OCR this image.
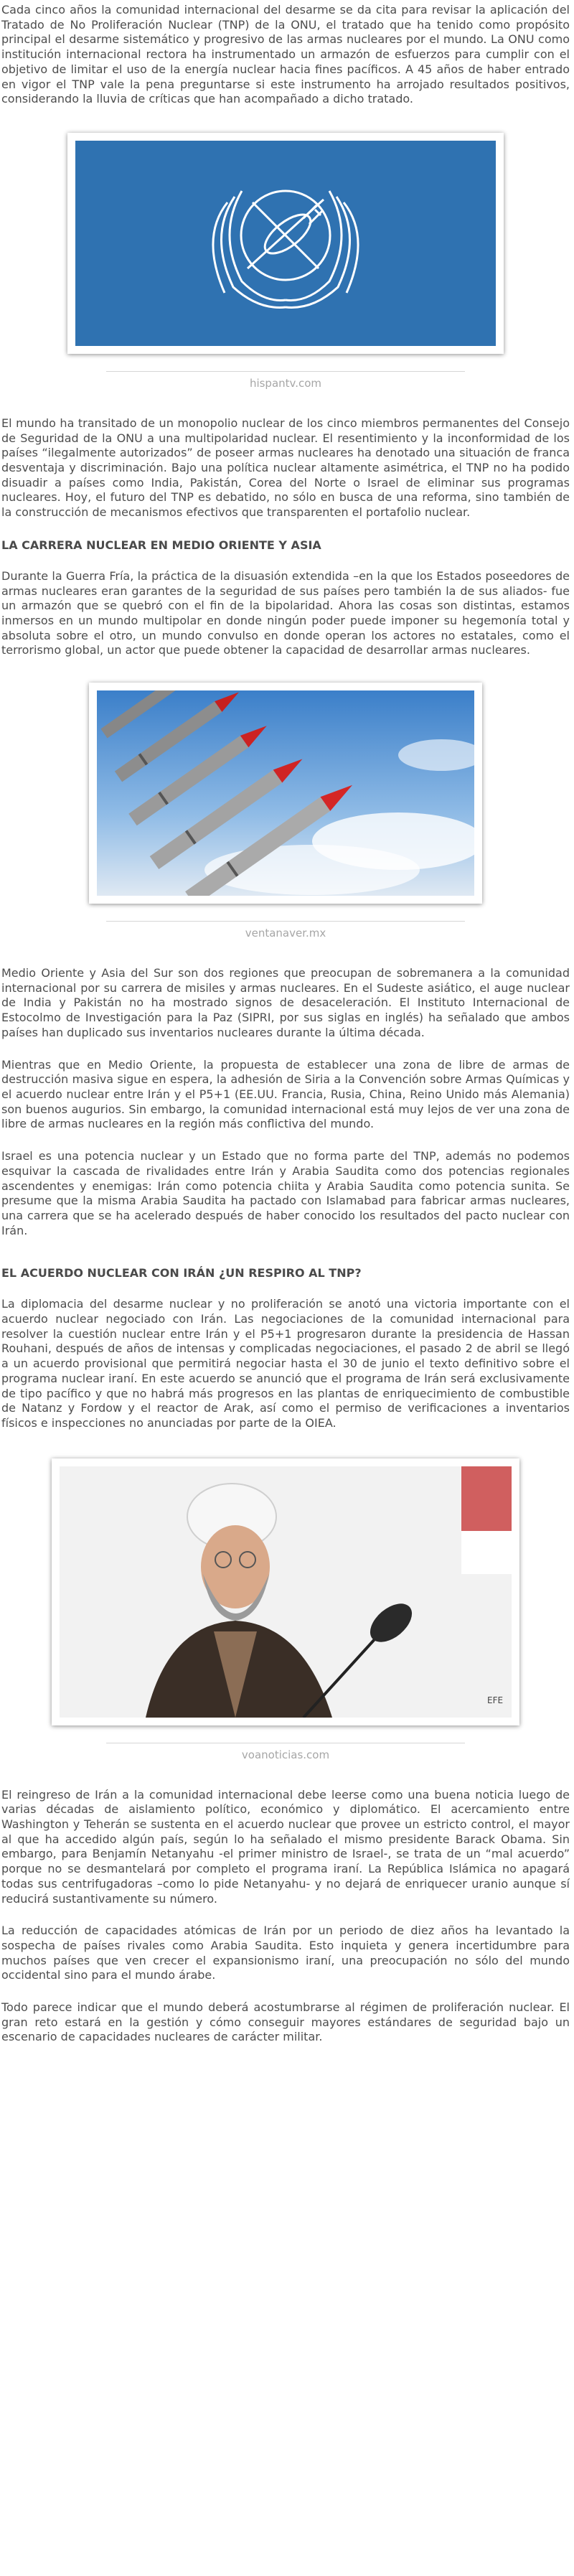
Cada cinco años la comunidad internacional del desarme se da cita para revisar la aplicación del Tratado de No Proliferación Nuclear (TNP) de la ONU, el tratado que ha tenido como propósito principal el desarme sistemático y progresivo de las armas nucleares por el mundo. La ONU como institución internacional rectora ha instrumentado un armazón de esfuerzos para cumplir con el objetivo de limitar el uso de la energía nuclear hacia fines pacíficos. A 45 años de haber entrado en vigor el TNP vale la pena preguntarse si este instrumento ha arrojado resultados positivos, considerando la lluvia de críticas que han acompañado a dicho tratado.

hispantv.com

El mundo ha transitado de un monopolio nuclear de los cinco miembros permanentes del Consejo de Seguridad de la ONU a una multipolaridad nuclear. El resentimiento y la inconformidad de los países “ilegalmente autorizados” de poseer armas nucleares ha denotado una situación de franca desventaja y discriminación. Bajo una política nuclear altamente asimétrica, el TNP no ha podido disuadir a países como India, Pakistán, Corea del Norte o Israel de eliminar sus programas nucleares. Hoy, el futuro del TNP es debatido, no sólo en busca de una reforma, sino también de la construcción de mecanismos efectivos que transparenten el portafolio nuclear.

LA CARRERA NUCLEAR EN MEDIO ORIENTE Y ASIA

Durante la Guerra Fría, la práctica de la disuasión extendida –en la que los Estados poseedores de armas nucleares eran garantes de la seguridad de sus países pero también la de sus aliados- fue un armazón que se quebró con el fin de la bipolaridad. Ahora las cosas son distintas, estamos inmersos en un mundo multipolar en donde ningún poder puede imponer su hegemonía total y absoluta sobre el otro, un mundo convulso en donde operan los actores no estatales, como el terrorismo global, un actor que puede obtener la capacidad de desarrollar armas nucleares.

ventanaver.mx

Medio Oriente y Asia del Sur son dos regiones que preocupan de sobremanera a la comunidad internacional por su carrera de misiles y armas nucleares. En el Sudeste asiático, el auge nuclear de India y Pakistán no ha mostrado signos de desaceleración. El Instituto Internacional de Estocolmo de Investigación para la Paz (SIPRI, por sus siglas en inglés) ha señalado que ambos países han duplicado sus inventarios nucleares durante la última década.

Mientras que en Medio Oriente, la propuesta de establecer una zona de libre de armas de destrucción masiva sigue en espera, la adhesión de Siria a la Convención sobre Armas Químicas y el acuerdo nuclear entre Irán y el P5+1 (EE.UU. Francia, Rusia, China, Reino Unido más Alemania) son buenos augurios. Sin embargo, la comunidad internacional está muy lejos de ver una zona de libre de armas nucleares en la región más conflictiva del mundo.

Israel es una potencia nuclear y un Estado que no forma parte del TNP, además no podemos esquivar la cascada de rivalidades entre Irán y Arabia Saudita como dos potencias regionales ascendentes y enemigas: Irán como potencia chiita y Arabia Saudita como potencia sunita. Se presume que la misma Arabia Saudita ha pactado con Islamabad para fabricar armas nucleares, una carrera que se ha acelerado después de haber conocido los resultados del pacto nuclear con Irán.

EL ACUERDO NUCLEAR CON IRÁN ¿UN RESPIRO AL TNP?

La diplomacia del desarme nuclear y no proliferación se anotó una victoria importante con el acuerdo nuclear negociado con Irán. Las negociaciones de la comunidad internacional para resolver la cuestión nuclear entre Irán y el P5+1 progresaron durante la presidencia de Hassan Rouhani, después de años de intensas y complicadas negociaciones, el pasado 2 de abril se llegó a un acuerdo provisional que permitirá negociar hasta el 30 de junio el texto definitivo sobre el programa nuclear iraní. En este acuerdo se anunció que el programa de Irán será exclusivamente de tipo pacífico y que no habrá más progresos en las plantas de enriquecimiento de combustible de Natanz y Fordow y el reactor de Arak, así como el permiso de verificaciones a inventarios físicos e inspecciones no anunciadas por parte de la OIEA.

EFE
voanoticias.com

El reingreso de Irán a la comunidad internacional debe leerse como una buena noticia luego de varias décadas de aislamiento político, económico y diplomático. El acercamiento entre Washington y Teherán se sustenta en el acuerdo nuclear que provee un estricto control, el mayor al que ha accedido algún país, según lo ha señalado el mismo presidente Barack Obama. Sin embargo, para Benjamín Netanyahu -el primer ministro de Israel-, se trata de un “mal acuerdo” porque no se desmantelará por completo el programa iraní. La República Islámica no apagará todas sus centrifugadoras –como lo pide Netanyahu- y no dejará de enriquecer uranio aunque sí reducirá sustantivamente su número.

La reducción de capacidades atómicas de Irán por un periodo de diez años ha levantado la sospecha de países rivales como Arabia Saudita. Esto inquieta y genera incertidumbre para muchos países que ven crecer el expansionismo iraní, una preocupación no sólo del mundo occidental sino para el mundo árabe.

Todo parece indicar que el mundo deberá acostumbrarse al régimen de proliferación nuclear. El gran reto estará en la gestión y cómo conseguir mayores estándares de seguridad bajo un escenario de capacidades nucleares de carácter militar.
